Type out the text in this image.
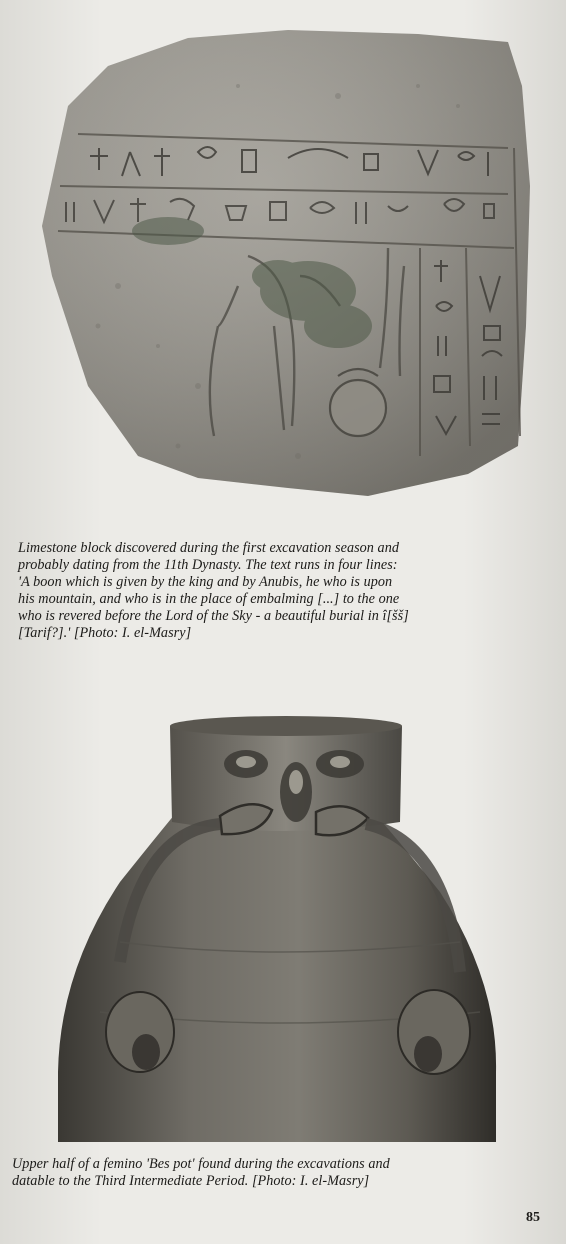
Limestone block discovered during the first excavation season and
probably dating from the 11th Dynasty. The text runs in four lines:
'A boon which is given by the king and by Anubis, he who is upon
his mountain, and who is in the place of embalming [...] to the one
who is revered before the Lord of the Sky - a beautiful burial in î[šš]
[Tarif?].' [Photo: I. el-Masry]
Upper half of a femino 'Bes pot' found during the excavations and
datable to the Third Intermediate Period. [Photo: I. el-Masry]
85
